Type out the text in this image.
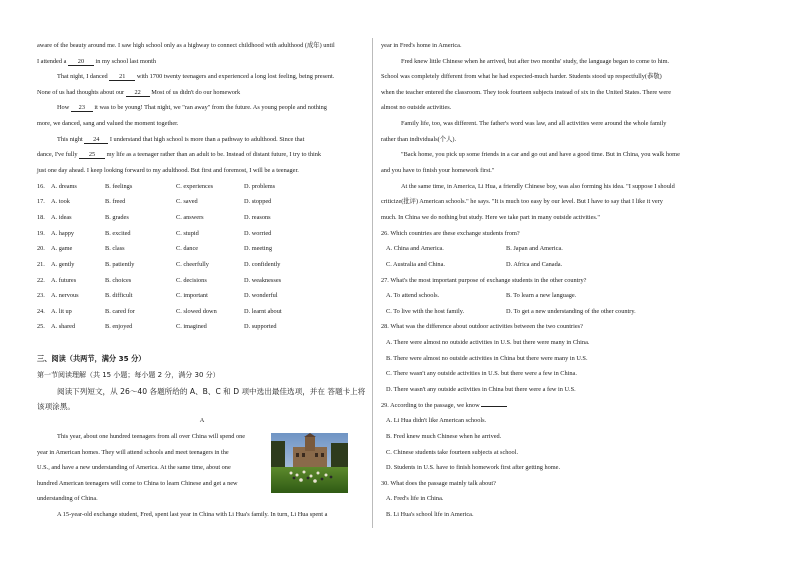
aware of the beauty around me. I saw high school only as a highway to connect childhood with adulthood (成年) until
I attended a 20 in my school last month
That night, I danced 21 with 1700 twenty teenagers and experienced a long lost feeling, being present.
None of us had thoughts about our 22 Most of us didn't do our homework
How 23 it was to be young! That night, we "ran away" from the future. As young people and nothing
more, we danced, sang and valued the moment together.
This night 24 I understand that high school is more than a pathway to adulthood. Since that
dance, I've fully 25 my life as a teenager rather than an adult to be. Instead of distant future, I try to think
just one day ahead. I keep looking forward to my adulthood. But first and foremost, I will be a teenager.
16. A. dreams	B. feelings	C. experiences	D. problems
17. A. took	B. freed	C. saved	D. stopped
18. A. ideas	B. grades	C. answers	D. reasons
19. A. happy	B. excited	C. stupid	D. worried
20. A. game	B. class	C. dance	D. meeting
21. A. gently	B. patiently	C. cheerfully	D. confidently
22. A. futures	B. choices	C. decisions	D. weaknesses
23. A. nervous	B. difficult	C. important	D. wonderful
24. A. lit up	B. cared for	C. slowed down	D. learnt about
25. A. shared	B. enjoyed	C. imagined	D. supported
三、阅读（共两节，满分 35 分）
第一节阅读理解（共 15 小题；每小题 2 分，满分 30 分）
阅读下列短文，从 26～40 各题所给的 A、B、C 和 D 项中选出最佳选项，并在 答题卡上将
该项涂黑。
A
This year, about one hundred teenagers from all over China will spend one
year in American homes. They will attend schools and meet teenagers in the
U.S., and have a new understanding of America. At the same time, about one
hundred American teenagers will come to China to learn Chinese and get a new
understanding of China.
A 15-year-old exchange student, Fred, spent last year in China with Li Hua's family. In turn, Li Hua spent a
year in Fred's home in America.
Fred knew little Chinese when he arrived, but after two months' study, the language began to come to him.
School was completely different from what he had expected-much harder. Students stood up respectfully(恭敬)
when the teacher entered the classroom. They took fourteen subjects instead of six in the United States. There were
almost no outside activities.
Family life, too, was different. The father's word was law, and all activities were around the whole family
rather than individuals(个人).
"Back home, you pick up some friends in a car and go out and have a good time. But in China, you walk home
and you have to finish your homework first."
At the same time, in America, Li Hua, a friendly Chinese boy, was also forming his idea. "I suppose I should
criticize(批评) American schools." he says. "It is much too easy by our level. But I have to say that I like it very
much. In China we do nothing but study. Here we take part in many outside activities."
26. Which countries are these exchange students from?
A. China and America.	B. Japan and America.
C. Australia and China.	D. Africa and Canada.
27. What's the most important purpose of exchange students in the other country?
A. To attend schools.	B. To learn a new language.
C. To live with the host family.	D. To get a new understanding of the other country.
28. What was the difference about outdoor activities between the two countries?
A. There were almost no outside activities in U.S. but there were many in China.
B. There were almost no outside activities in China but there were many in U.S.
C. There wasn't any outside activities in U.S. but there were a few in China.
D. There wasn't any outside activities in China but there were a few in U.S.
29. According to the passage, we know
A. Li Hua didn't like American schools.
B. Fred knew much Chinese when he arrived.
C. Chinese students take fourteen subjects at school.
D. Students in U.S. have to finish homework first after getting home.
30. What does the passage mainly talk about?
A. Fred's life in China.
B. Li Hua's school life in America.
